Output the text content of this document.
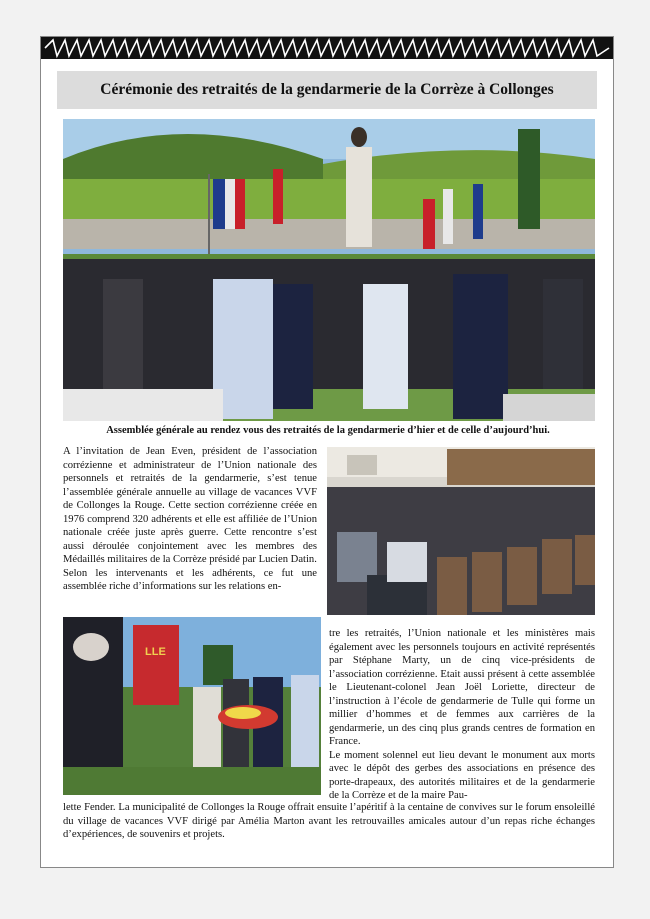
Cérémonie des retraités de la gendarmerie de la Corrèze à Collonges
Assemblée générale au rendez vous des retraités de la gendarmerie d’hier et de celle d’aujourd’hui.

A l’invitation de Jean Even, président de l’association corrézienne et administrateur de l’Union nationale des personnels et retraités de la gendarmerie, s’est tenue l’assemblée générale annuelle au village de vacances VVF de Collonges la Rouge. Cette section corrézienne créée en 1976 comprend 320 adhérents et elle est affiliée de l’Union nationale créée juste après guerre. Cette rencontre s’est aussi déroulée conjointement avec les membres des Médaillés militaires de la Corrèze présidé par Lucien Datin.

Selon les intervenants et les adhérents, ce fut une assemblée riche d’informations sur les relations en-

LLE

tre les retraités, l’Union nationale et les ministères mais également avec les personnels toujours en activité représentés par Stéphane Marty, un de cinq vice-présidents de l’association corrézienne. Etait aussi présent à cette assemblée le Lieutenant-colonel Jean Joël Loriette, directeur de l’instruction à l’école de gendarmerie de Tulle qui forme un millier d’hommes et de femmes aux carrières de la gendarmerie, un des cinq plus grands centres de formation en France.

Le moment solennel eut lieu devant le monument aux morts avec le dépôt des gerbes des associations en présence des porte-drapeaux, des autorités militaires et de la gendarmerie de la Corrèze et de la maire Pau-

lette Fender. La municipalité de Collonges la Rouge offrait ensuite l’apéritif à la centaine de convives sur le forum ensoleillé du village de vacances VVF dirigé par Amélia Marton avant les retrouvailles amicales autour d’un repas riche échanges d’expériences, de souvenirs et projets.
